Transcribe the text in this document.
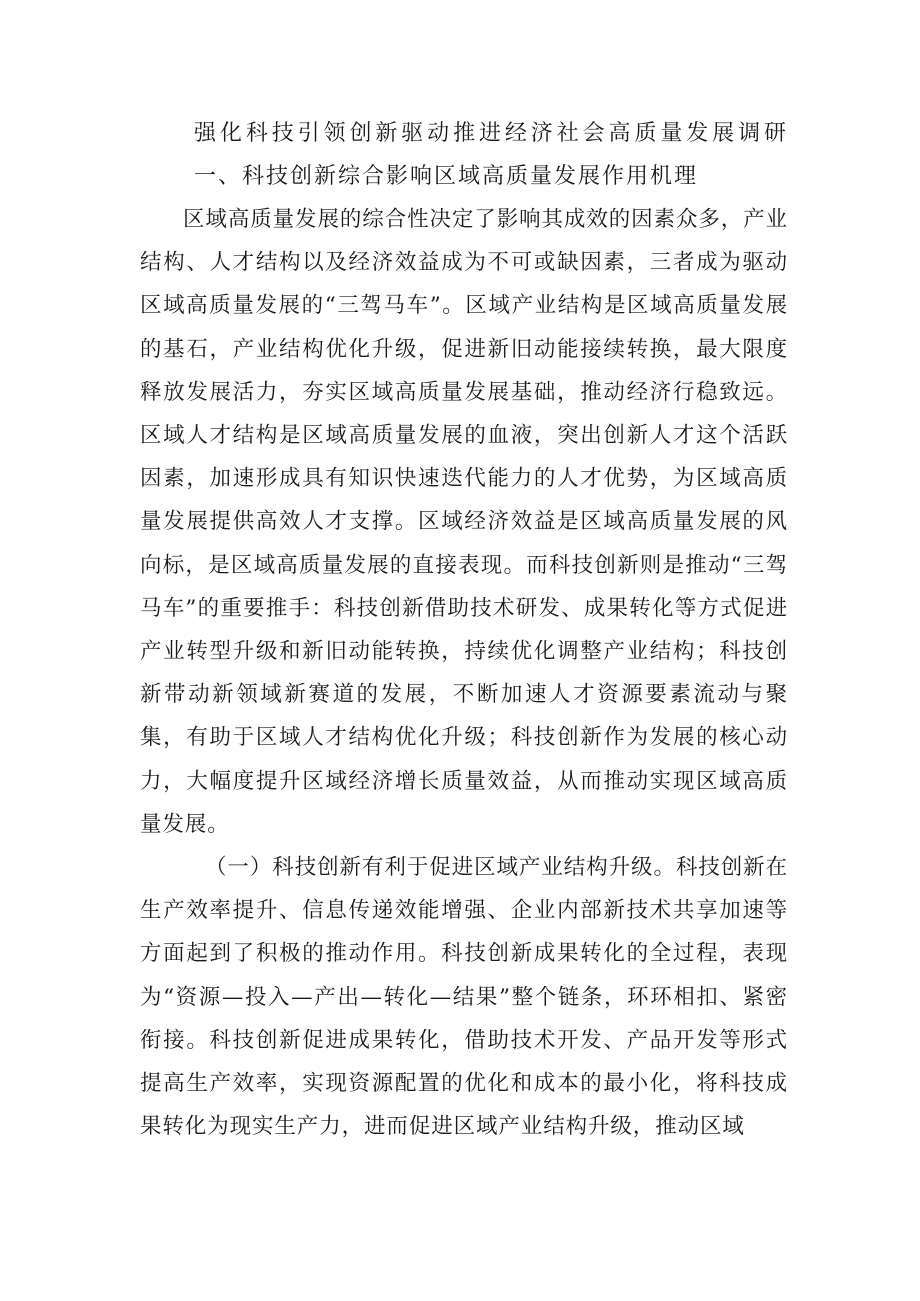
强化科技引领创新驱动推进经济社会高质量发展调研一、科技创新综合影响区域高质量发展作用机理

区域高质量发展的综合性决定了影响其成效的因素众多，产业结构、人才结构以及经济效益成为不可或缺因素，三者成为驱动区域高质量发展的“三驾马车”。区域产业结构是区域高质量发展的基石，产业结构优化升级，促进新旧动能接续转换，最大限度释放发展活力，夯实区域高质量发展基础，推动经济行稳致远。区域人才结构是区域高质量发展的血液，突出创新人才这个活跃因素，加速形成具有知识快速迭代能力的人才优势，为区域高质量发展提供高效人才支撑。区域经济效益是区域高质量发展的风向标，是区域高质量发展的直接表现。而科技创新则是推动“三驾马车”的重要推手：科技创新借助技术研发、成果转化等方式促进产业转型升级和新旧动能转换，持续优化调整产业结构；科技创新带动新领域新赛道的发展，不断加速人才资源要素流动与聚集，有助于区域人才结构优化升级；科技创新作为发展的核心动力，大幅度提升区域经济增长质量效益，从而推动实现区域高质量发展。

（一）科技创新有利于促进区域产业结构升级。科技创新在生产效率提升、信息传递效能增强、企业内部新技术共享加速等方面起到了积极的推动作用。科技创新成果转化的全过程，表现为“资源—投入—产出—转化—结果”整个链条，环环相扣、紧密衔接。科技创新促进成果转化，借助技术开发、产品开发等形式提高生产效率，实现资源配置的优化和成本的最小化，将科技成果转化为现实生产力，进而促进区域产业结构升级，推动区域
